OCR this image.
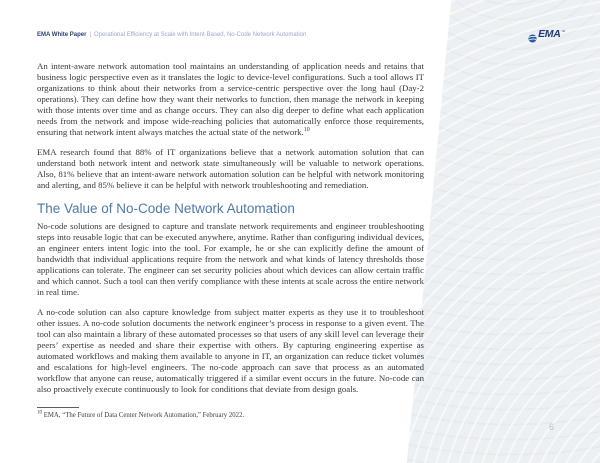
EMA White Paper | Operational Efficiency at Scale with Intent-Based, No-Code Network Automation	EMA ™

An intent-aware network automation tool maintains an understanding of application needs and retains that business logic perspective even as it translates the logic to device-level configurations. Such a tool allows IT organizations to think about their networks from a service-centric perspective over the long haul (Day-2 operations). They can define how they want their networks to function, then manage the network in keeping with those intents over time and as change occurs. They can also dig deeper to define what each application needs from the network and impose wide-reaching policies that automatically enforce those requirements, ensuring that network intent always matches the actual state of the network.$^{10}$

EMA research found that 88% of IT organizations believe that a network automation solution that can understand both network intent and network state simultaneously will be valuable to network operations. Also, 81% believe that an intent-aware network automation solution can be helpful with network monitoring and alerting, and 85% believe it can be helpful with network troubleshooting and remediation.

The Value of No-Code Network Automation

No-code solutions are designed to capture and translate network requirements and engineer troubleshooting steps into reusable logic that can be executed anywhere, anytime. Rather than configuring individual devices, an engineer enters intent logic into the tool. For example, he or she can explicitly define the amount of bandwidth that individual applications require from the network and what kinds of latency thresholds those applications can tolerate. The engineer can set security policies about which devices can allow certain traffic and which cannot. Such a tool can then verify compliance with these intents at scale across the entire network in real time.

A no-code solution can also capture knowledge from subject matter experts as they use it to troubleshoot other issues. A no-code solution documents the network engineer’s process in response to a given event. The tool can also maintain a library of these automated processes so that users of any skill level can leverage their peers’ expertise as needed and share their expertise with others. By capturing engineering expertise as automated workflows and making them available to anyone in IT, an organization can reduce ticket volumes and escalations for high-level engineers. The no-code approach can save that process as an automated workflow that anyone can reuse, automatically triggered if a similar event occurs in the future. No-code can also proactively execute continuously to look for conditions that deviate from design goals.

$^{10}$ EMA, “The Future of Data Center Network Automation,” February 2022.
6
